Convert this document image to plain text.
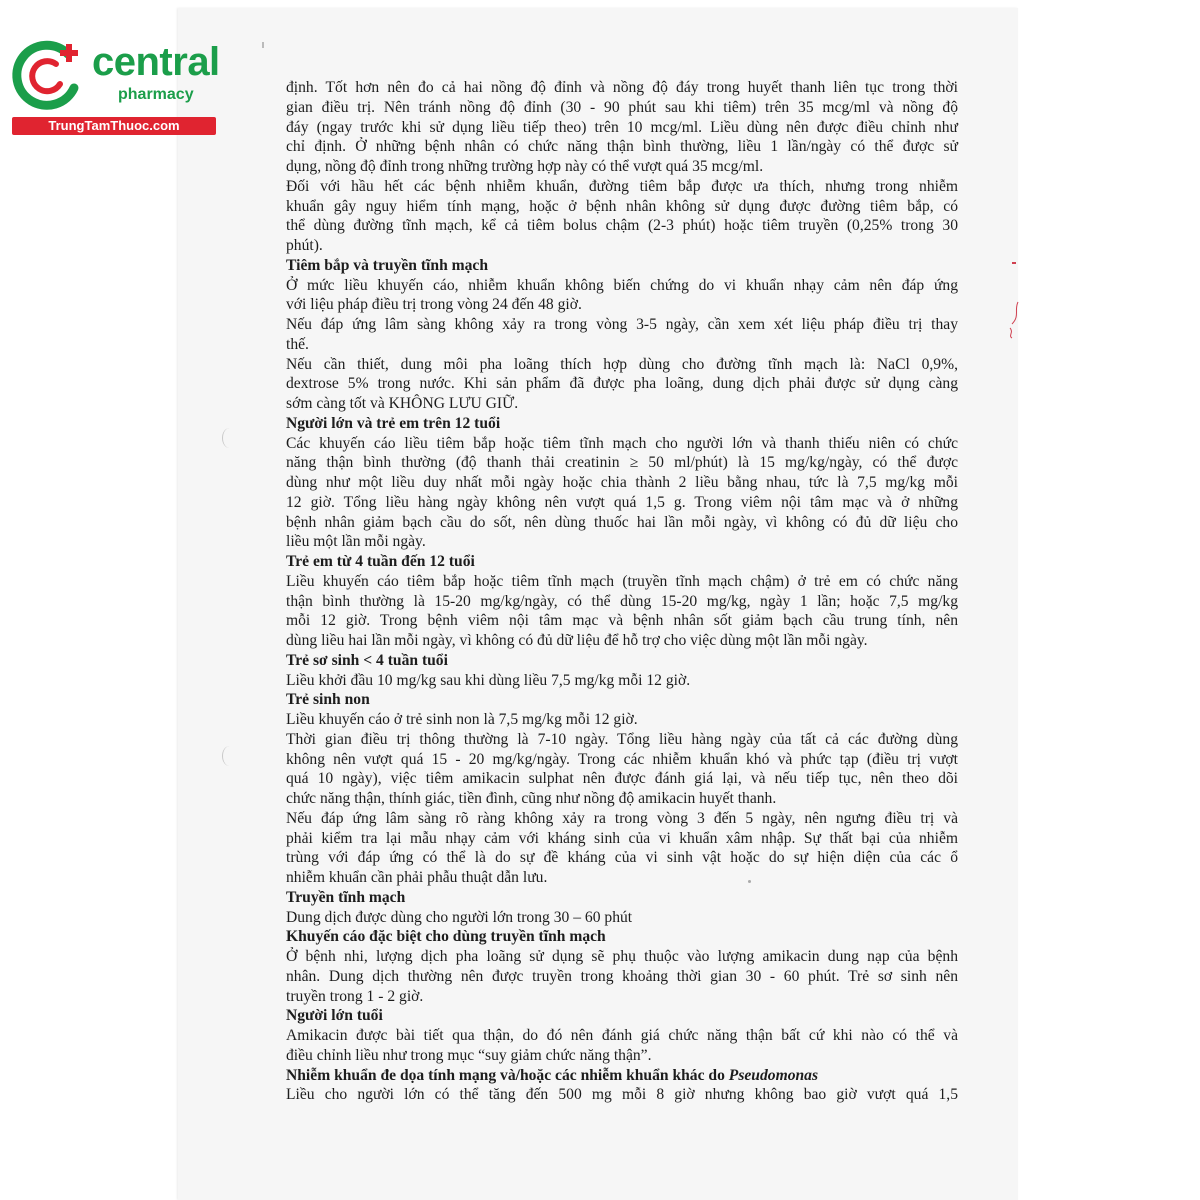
central
pharmacy
TrungTamThuoc.com
định. Tốt hơn nên đo cả hai nồng độ đỉnh và nồng độ đáy trong huyết thanh liên tục trong thời
gian điều trị. Nên tránh nồng độ đỉnh (30 - 90 phút sau khi tiêm) trên 35 mcg/ml và nồng độ
đáy (ngay trước khi sử dụng liều tiếp theo) trên 10 mcg/ml. Liều dùng nên được điều chỉnh như
chỉ định. Ở những bệnh nhân có chức năng thận bình thường, liều 1 lần/ngày có thể được sử
dụng, nồng độ đỉnh trong những trường hợp này có thể vượt quá 35 mcg/ml.
Đối với hầu hết các bệnh nhiễm khuẩn, đường tiêm bắp được ưa thích, nhưng trong nhiễm
khuẩn gây nguy hiểm tính mạng, hoặc ở bệnh nhân không sử dụng được đường tiêm bắp, có
thể dùng đường tĩnh mạch, kể cả tiêm bolus chậm (2-3 phút) hoặc tiêm truyền (0,25% trong 30
phút).
Tiêm bắp và truyền tĩnh mạch
Ở mức liều khuyến cáo, nhiễm khuẩn không biến chứng do vi khuẩn nhạy cảm nên đáp ứng
với liệu pháp điều trị trong vòng 24 đến 48 giờ.
Nếu đáp ứng lâm sàng không xảy ra trong vòng 3-5 ngày, cần xem xét liệu pháp điều trị thay
thế.
Nếu cần thiết, dung môi pha loãng thích hợp dùng cho đường tĩnh mạch là: NaCl 0,9%,
dextrose 5% trong nước. Khi sản phẩm đã được pha loãng, dung dịch phải được sử dụng càng
sớm càng tốt và KHÔNG LƯU GIỮ.
Người lớn và trẻ em trên 12 tuổi
Các khuyến cáo liều tiêm bắp hoặc tiêm tĩnh mạch cho người lớn và thanh thiếu niên có chức
năng thận bình thường (độ thanh thải creatinin ≥ 50 ml/phút) là 15 mg/kg/ngày, có thể được
dùng như một liều duy nhất mỗi ngày hoặc chia thành 2 liều bằng nhau, tức là 7,5 mg/kg mỗi
12 giờ. Tổng liều hàng ngày không nên vượt quá 1,5 g. Trong viêm nội tâm mạc và ở những
bệnh nhân giảm bạch cầu do sốt, nên dùng thuốc hai lần mỗi ngày, vì không có đủ dữ liệu cho
liều một lần mỗi ngày.
Trẻ em từ 4 tuần đến 12 tuổi
Liều khuyến cáo tiêm bắp hoặc tiêm tĩnh mạch (truyền tĩnh mạch chậm) ở trẻ em có chức năng
thận bình thường là 15-20 mg/kg/ngày, có thể dùng 15-20 mg/kg, ngày 1 lần; hoặc 7,5 mg/kg
mỗi 12 giờ. Trong bệnh viêm nội tâm mạc và bệnh nhân sốt giảm bạch cầu trung tính, nên
dùng liều hai lần mỗi ngày, vì không có đủ dữ liệu để hỗ trợ cho việc dùng một lần mỗi ngày.
Trẻ sơ sinh < 4 tuần tuổi
Liều khởi đầu 10 mg/kg sau khi dùng liều 7,5 mg/kg mỗi 12 giờ.
Trẻ sinh non
Liều khuyến cáo ở trẻ sinh non là 7,5 mg/kg mỗi 12 giờ.
Thời gian điều trị thông thường là 7-10 ngày. Tổng liều hàng ngày của tất cả các đường dùng
không nên vượt quá 15 - 20 mg/kg/ngày. Trong các nhiễm khuẩn khó và phức tạp (điều trị vượt
quá 10 ngày), việc tiêm amikacin sulphat nên được đánh giá lại, và nếu tiếp tục, nên theo dõi
chức năng thận, thính giác, tiền đình, cũng như nồng độ amikacin huyết thanh.
Nếu đáp ứng lâm sàng rõ ràng không xảy ra trong vòng 3 đến 5 ngày, nên ngưng điều trị và
phải kiểm tra lại mẫu nhạy cảm với kháng sinh của vi khuẩn xâm nhập. Sự thất bại của nhiễm
trùng với đáp ứng có thể là do sự đề kháng của vi sinh vật hoặc do sự hiện diện của các ổ
nhiễm khuẩn cần phải phẫu thuật dẫn lưu.
Truyền tĩnh mạch
Dung dịch được dùng cho người lớn trong 30 – 60 phút
Khuyến cáo đặc biệt cho dùng truyền tĩnh mạch
Ở bệnh nhi, lượng dịch pha loãng sử dụng sẽ phụ thuộc vào lượng amikacin dung nạp của bệnh
nhân. Dung dịch thường nên được truyền trong khoảng thời gian 30 - 60 phút. Trẻ sơ sinh nên
truyền trong 1 - 2 giờ.
Người lớn tuổi
Amikacin được bài tiết qua thận, do đó nên đánh giá chức năng thận bất cứ khi nào có thể và
điều chỉnh liều như trong mục “suy giảm chức năng thận”.
Nhiễm khuẩn đe dọa tính mạng và/hoặc các nhiễm khuẩn khác do Pseudomonas
Liều cho người lớn có thể tăng đến 500 mg mỗi 8 giờ nhưng không bao giờ vượt quá 1,5
